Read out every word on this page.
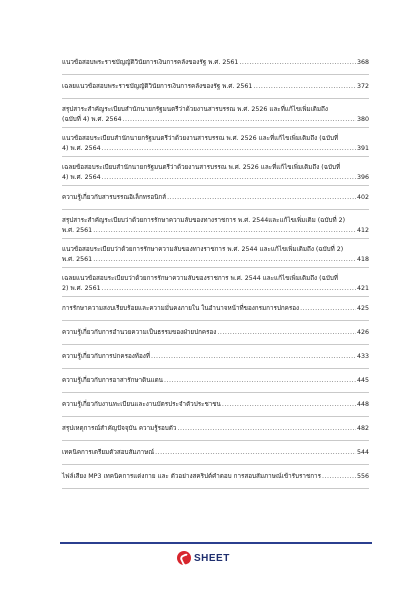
แนวข้อสอบพระราชบัญญัติวินัยการเงินการคลังของรัฐ พ.ศ. 2561 .....	368
เฉลยแนวข้อสอบพระราชบัญญัติวินัยการเงินการคลังของรัฐ พ.ศ. 2561 .....	372
สรุปสาระสำคัญระเบียบสำนักนายกรัฐมนตรีว่าด้วยงานสารบรรณ พ.ศ. 2526 และที่แก้ไขเพิ่มเติมถึง
(ฉบับที่ 4) พ.ศ. 2564 .....	380
แนวข้อสอบระเบียบสำนักนายกรัฐมนตรีว่าด้วยงานสารบรรณ พ.ศ. 2526 และที่แก้ไขเพิ่มเติมถึง (ฉบับที่
4) พ.ศ. 2564 .....	391
เฉลยข้อสอบระเบียบสำนักนายกรัฐมนตรีว่าด้วยงานสารบรรณ พ.ศ. 2526 และที่แก้ไขเพิ่มเติมถึง (ฉบับที่
4) พ.ศ. 2564 .....	396
ความรู้เกี่ยวกับสารบรรณอิเล็กทรอนิกส์ .....	402
สรุปสาระสำคัญระเบียบว่าด้วยการรักษาความลับของทางราชการ พ.ศ. 2544และแก้ไขเพิ่มเติม (ฉบับที่ 2)
พ.ศ. 2561 .....	412
แนวข้อสอบระเบียบว่าด้วยการรักษาความลับของทางราชการ พ.ศ. 2544 และแก้ไขเพิ่มเติมถึง (ฉบับที่ 2)
พ.ศ. 2561 .....	418
เฉลยแนวข้อสอบระเบียบว่าด้วยการรักษาความลับของราชการ พ.ศ. 2544 และแก้ไขเพิ่มเติมถึง (ฉบับที่
2) พ.ศ. 2561 .....	421
การรักษาความสงบเรียบร้อยและความมั่นคงภายใน ในอำนาจหน้าที่ของกรมการปกครอง .....	425
ความรู้เกี่ยวกับการอำนวยความเป็นธรรมของฝ่ายปกครอง .....	426
ความรู้เกี่ยวกับการปกครองท้องที่ .....	433
ความรู้เกี่ยวกับการอาสารักษาดินแดน .....	445
ความรู้เกี่ยวกับงานทะเบียนและงานบัตรประจำตัวประชาชน .....	448
สรุปเหตุการณ์สำคัญปัจจุบัน ความรู้รอบตัว .....	482
เทคนิคการเตรียมตัวสอบสัมภาษณ์ .....	544
ไฟล์เสียง MP3 เทคนิคการแต่งกาย และ ตัวอย่างสคริปต์คำตอบ การสอบสัมภาษณ์เข้ารับราชการ .....	556
SHEET
